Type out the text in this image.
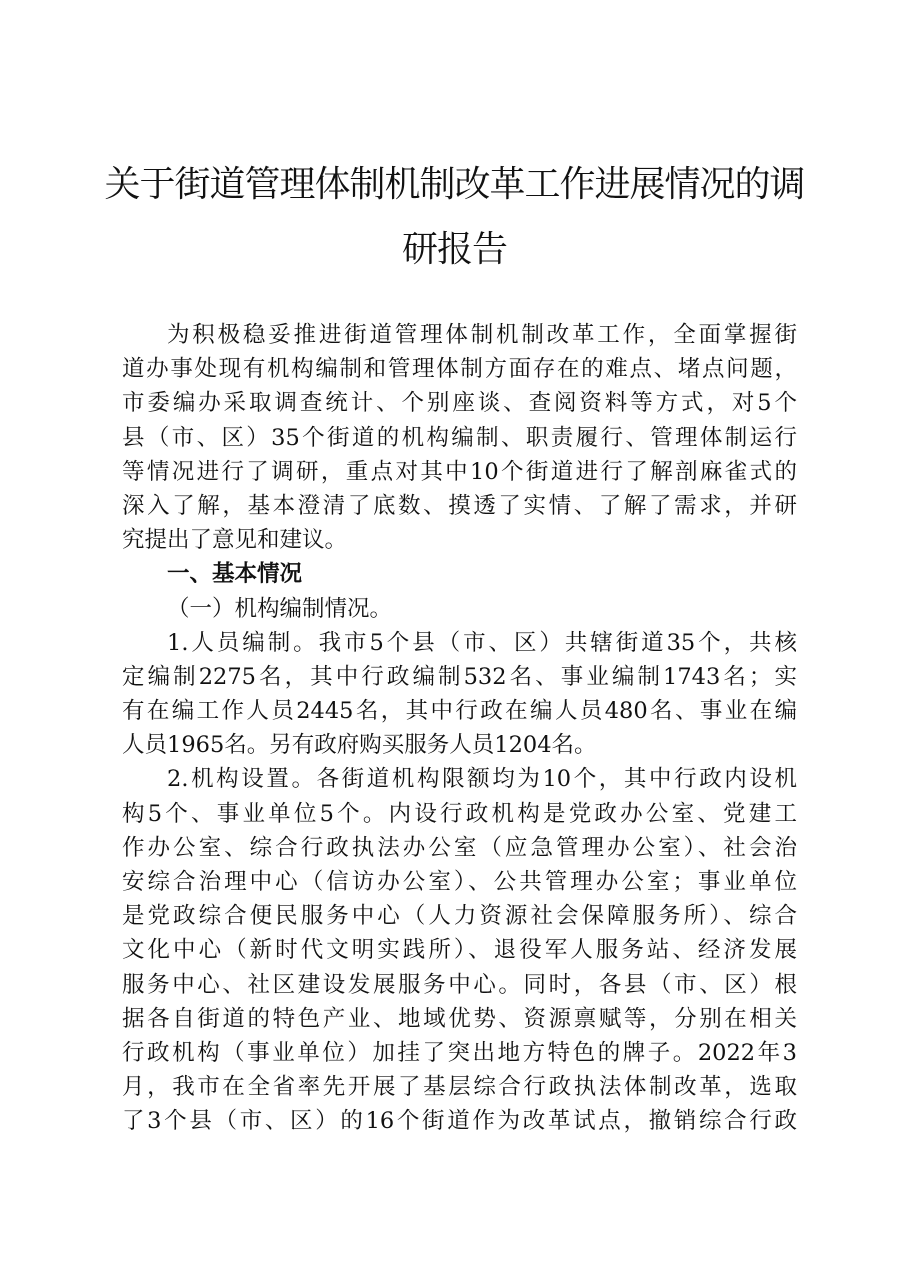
关于街道管理体制机制改革工作进展情况的调
研报告
为积极稳妥推进街道管理体制机制改革工作，全面掌握街
道办事处现有机构编制和管理体制方面存在的难点、堵点问题，
市委编办采取调查统计、个别座谈、查阅资料等方式，对5个
县（市、区）35个街道的机构编制、职责履行、管理体制运行
等情况进行了调研，重点对其中10个街道进行了解剖麻雀式的
深入了解，基本澄清了底数、摸透了实情、了解了需求，并研
究提出了意见和建议。
一、基本情况
（一）机构编制情况。
1.人员编制。我市5个县（市、区）共辖街道35个，共核
定编制2275名，其中行政编制532名、事业编制1743名；实
有在编工作人员2445名，其中行政在编人员480名、事业在编
人员1965名。另有政府购买服务人员1204名。
2.机构设置。各街道机构限额均为10个，其中行政内设机
构5个、事业单位5个。内设行政机构是党政办公室、党建工
作办公室、综合行政执法办公室（应急管理办公室）、社会治
安综合治理中心（信访办公室）、公共管理办公室；事业单位
是党政综合便民服务中心（人力资源社会保障服务所）、综合
文化中心（新时代文明实践所）、退役军人服务站、经济发展
服务中心、社区建设发展服务中心。同时，各县（市、区）根
据各自街道的特色产业、地域优势、资源禀赋等，分别在相关
行政机构（事业单位）加挂了突出地方特色的牌子。2022年3
月，我市在全省率先开展了基层综合行政执法体制改革，选取
了3个县（市、区）的16个街道作为改革试点，撤销综合行政
